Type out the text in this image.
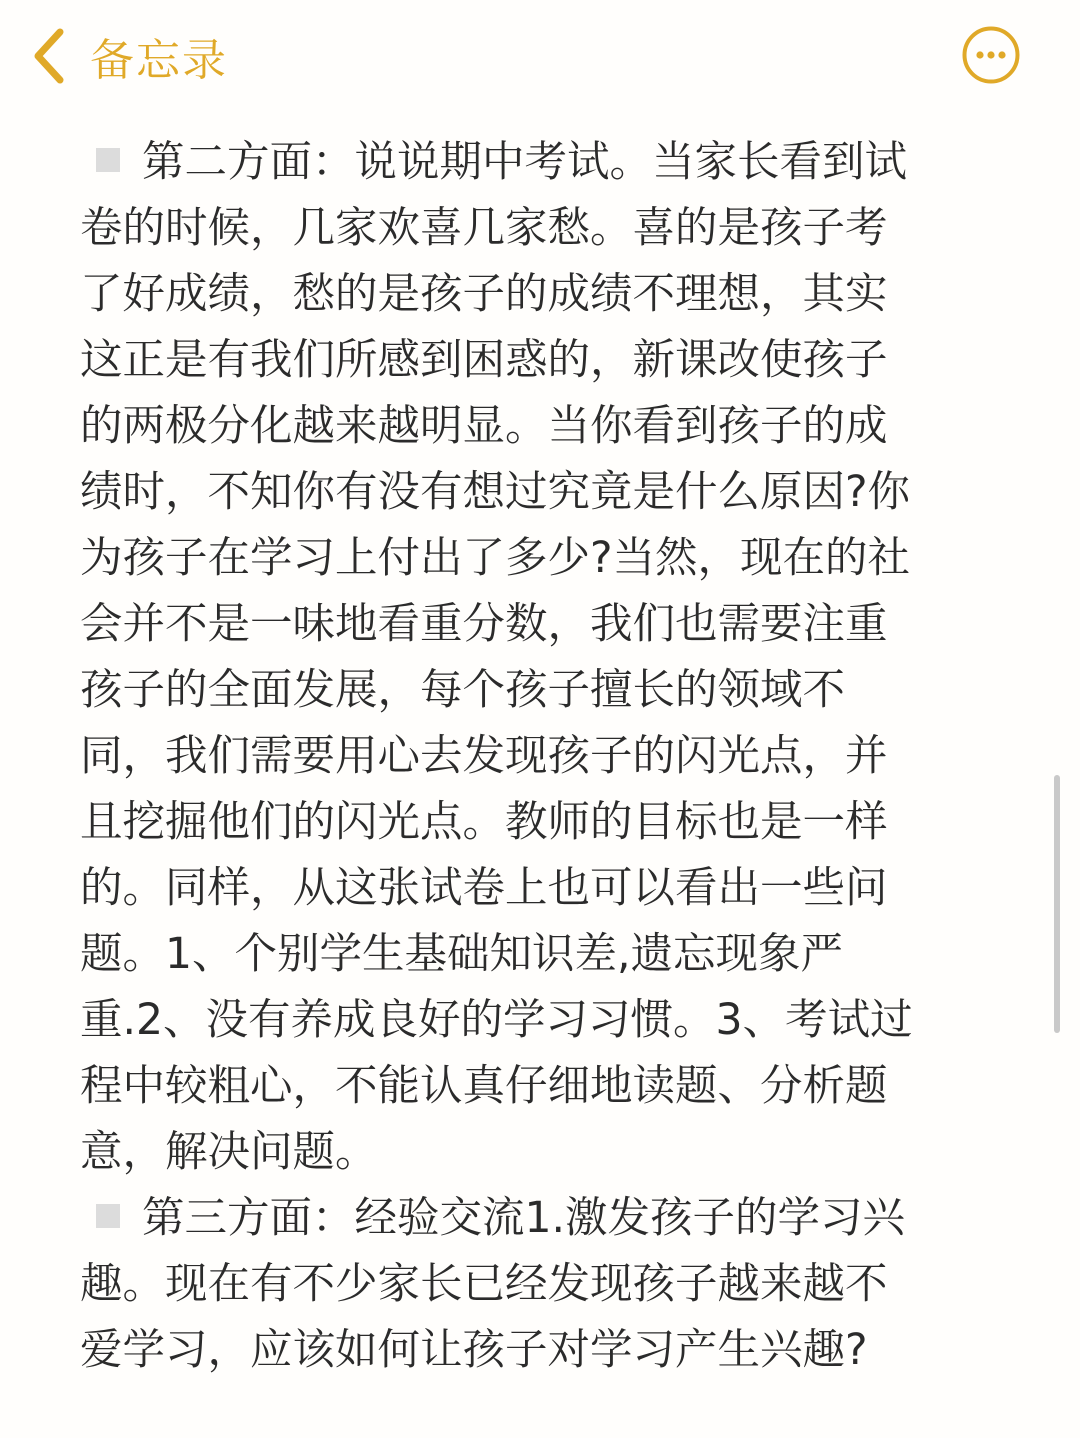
备忘录

第二方面：说说期中考试。当家长看到试
卷的时候，几家欢喜几家愁。喜的是孩子考
了好成绩，愁的是孩子的成绩不理想，其实
这正是有我们所感到困惑的，新课改使孩子
的两极分化越来越明显。当你看到孩子的成
绩时，不知你有没有想过究竟是什么原因?你
为孩子在学习上付出了多少?当然，现在的社
会并不是一味地看重分数，我们也需要注重
孩子的全面发展，每个孩子擅长的领域不
同，我们需要用心去发现孩子的闪光点，并
且挖掘他们的闪光点。教师的目标也是一样
的。同样，从这张试卷上也可以看出一些问
题。1、个别学生基础知识差,遗忘现象严
重.2、没有养成良好的学习习惯。3、考试过
程中较粗心，不能认真仔细地读题、分析题
意，解决问题。

第三方面：经验交流1.激发孩子的学习兴
趣。现在有不少家长已经发现孩子越来越不
爱学习，应该如何让孩子对学习产生兴趣?
